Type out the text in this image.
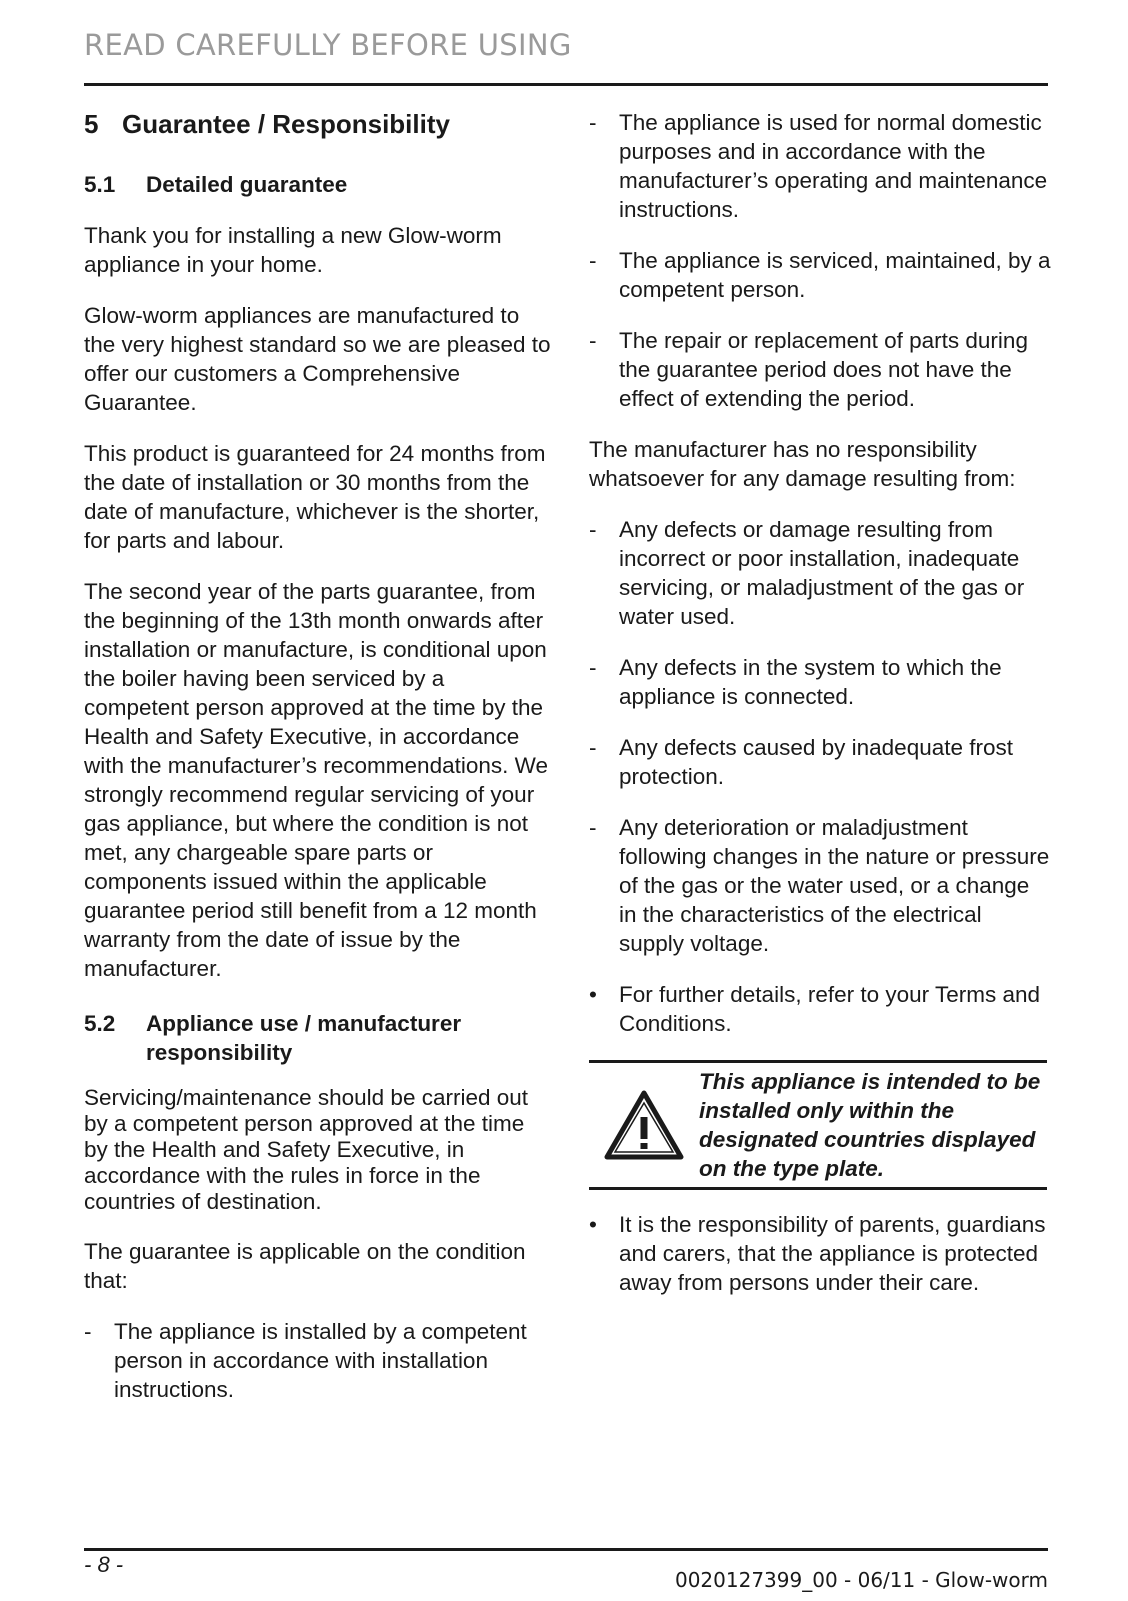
READ CAREFULLY BEFORE USING
5 Guarantee / Responsibility
5.1	Detailed guarantee

Thank you for installing a new Glow-worm appliance in your home.

Glow-worm appliances are manufactured to the very highest standard so we are pleased to offer our customers a Comprehensive Guarantee.

This product is guaranteed for 24 months from the date of installation or 30 months from the date of manufacture, whichever is the shorter, for parts and labour.

The second year of the parts guarantee, from the beginning of the 13th month onwards after installation or manufacture, is conditional upon the boiler having been serviced by a competent person approved at the time by the Health and Safety Executive, in accordance with the manufacturer’s recommendations. We strongly recommend regular servicing of your gas appliance, but where the condition is not met, any chargeable spare parts or components issued within the applicable guarantee period still benefit from a 12 month warranty from the date of issue by the manufacturer.

5.2	Appliance use / manufacturer responsibility

Servicing/maintenance should be carried out by a competent person approved at the time by the Health and Safety Executive, in accordance with the rules in force in the countries of destination.

The guarantee is applicable on the condition that:

-	The appliance is installed by a competent person in accordance with installation instructions.
-	The appliance is used for normal domestic purposes and in accordance with the manufacturer’s operating and maintenance instructions.
-	The appliance is serviced, maintained, by a competent person.
-	The repair or replacement of parts during the guarantee period does not have the effect of extending the period.

The manufacturer has no responsibility whatsoever for any damage resulting from:

-	Any defects or damage resulting from incorrect or poor installation, inadequate servicing, or maladjustment of the gas or water used.
-	Any defects in the system to which the appliance is connected.
-	Any defects caused by inadequate frost protection.
-	Any deterioration or maladjustment following changes in the nature or pressure of the gas or the water used, or a change in the characteristics of the electrical supply voltage.
• For further details, refer to your Terms and Conditions.
This appliance is intended to be installed only within the designated countries displayed on the type plate.
• It is the responsibility of parents, guardians and carers, that the appliance is protected away from persons under their care.
- 8 -
0020127399_00 - 06/11 - Glow-worm
